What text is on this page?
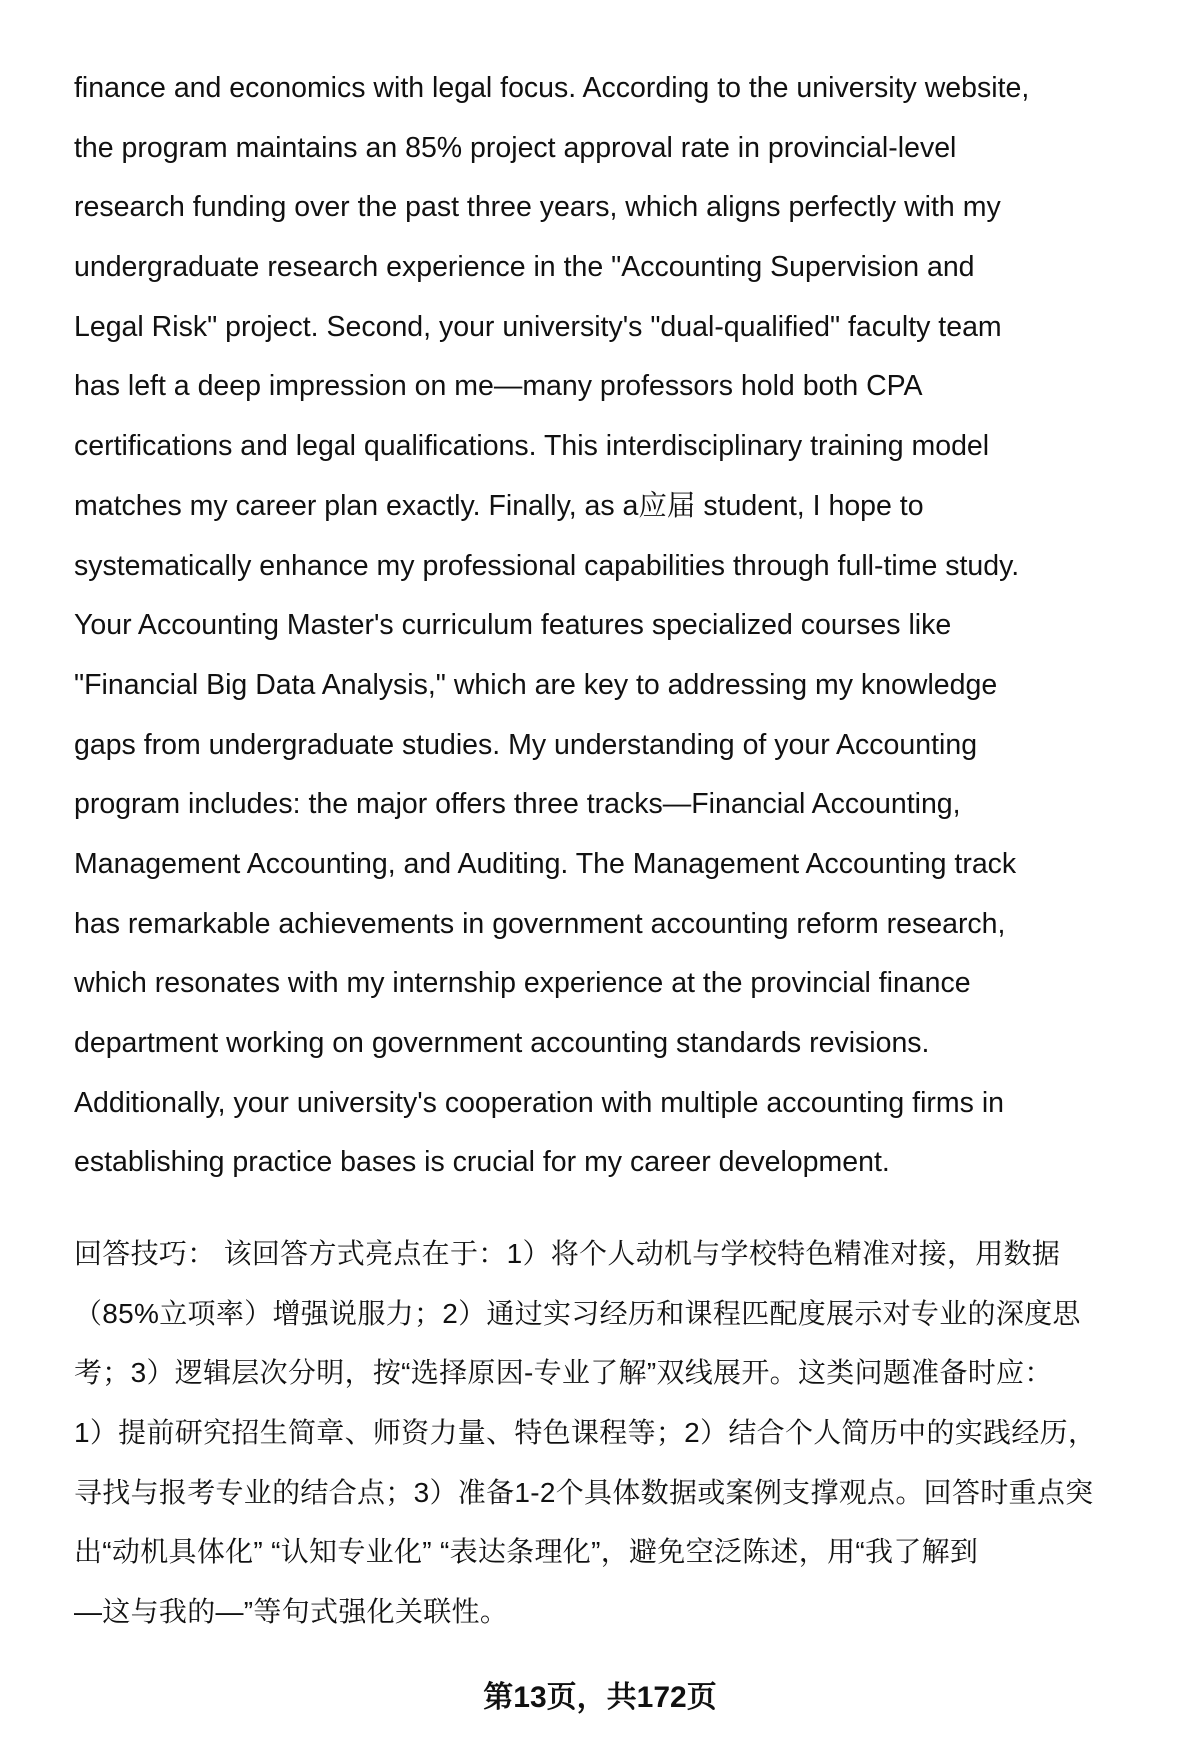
finance and economics with legal focus. According to the university website,
the program maintains an 85% project approval rate in provincial-level
research funding over the past three years, which aligns perfectly with my
undergraduate research experience in the "Accounting Supervision and
Legal Risk" project. Second, your university's "dual-qualified" faculty team
has left a deep impression on me—many professors hold both CPA
certifications and legal qualifications. This interdisciplinary training model
matches my career plan exactly. Finally, as a应届 student, I hope to
systematically enhance my professional capabilities through full-time study.
Your Accounting Master's curriculum features specialized courses like
"Financial Big Data Analysis," which are key to addressing my knowledge
gaps from undergraduate studies. My understanding of your Accounting
program includes: the major offers three tracks—Financial Accounting,
Management Accounting, and Auditing. The Management Accounting track
has remarkable achievements in government accounting reform research,
which resonates with my internship experience at the provincial finance
department working on government accounting standards revisions.
Additionally, your university's cooperation with multiple accounting firms in
establishing practice bases is crucial for my career development.
回答技巧： 该回答方式亮点在于：1）将个人动机与学校特色精准对接，用数据
（85%立项率）增强说服力；2）通过实习经历和课程匹配度展示对专业的深度思
考；3）逻辑层次分明，按“选择原因-专业了解”双线展开。这类问题准备时应：
1）提前研究招生简章、师资力量、特色课程等；2）结合个人简历中的实践经历，
寻找与报考专业的结合点；3）准备1-2个具体数据或案例支撑观点。回答时重点突
出“动机具体化” “认知专业化” “表达条理化”，避免空泛陈述，用“我了解到
—这与我的—”等句式强化关联性。
第13页，共172页
